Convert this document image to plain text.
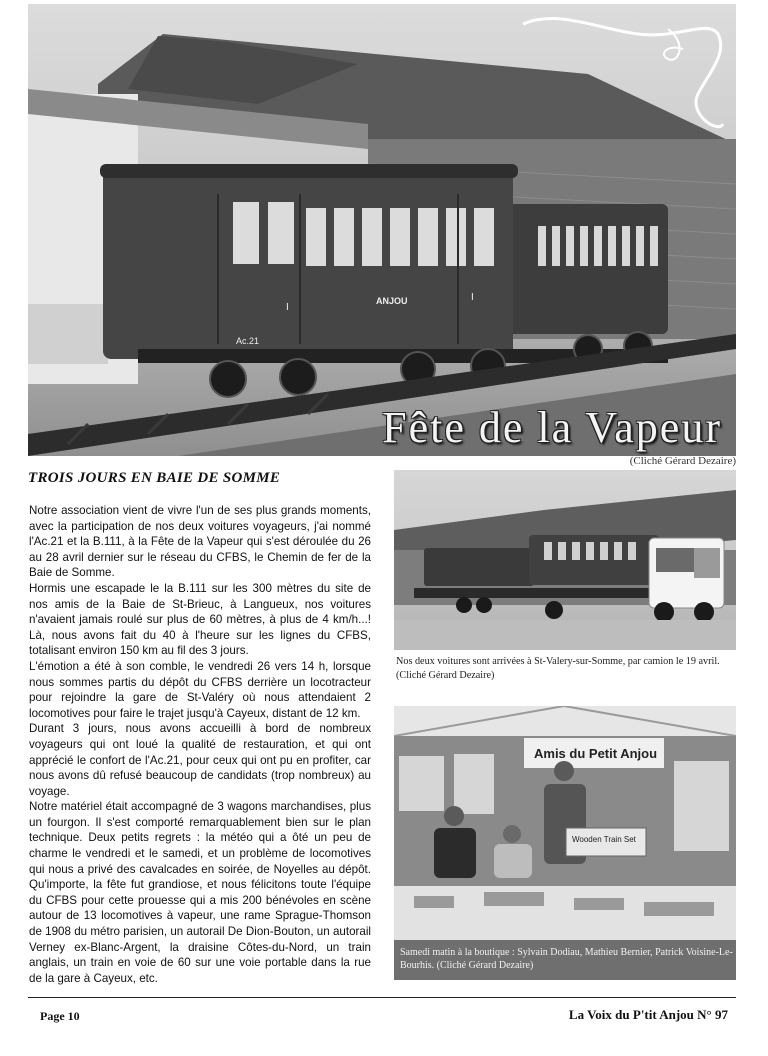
I
ANJOU	I
Ac.21
Fête de la Vapeur
(Cliché Gérard Dezaire)
TROIS JOURS EN BAIE DE SOMME

Notre association vient de vivre l'un de ses plus grands moments, avec la participation de nos deux voitures voyageurs, j'ai nommé l'Ac.21 et la B.111, à la Fête de la Vapeur qui s'est déroulée du 26 au 28 avril dernier sur le réseau du CFBS, le Chemin de fer de la Baie de Somme.

Hormis une escapade le la B.111 sur les 300 mètres du site de nos amis de la Baie de St-Brieuc, à Langueux, nos voitures n'avaient jamais roulé sur plus de 60 mètres, à plus de 4 km/h...! Là, nous avons fait du 40 à l'heure sur les lignes du CFBS, totalisant environ 150 km au fil des 3 jours.

L'émotion a été à son comble, le vendredi 26 vers 14 h, lorsque nous sommes partis du dépôt du CFBS derrière un locotracteur pour rejoindre la gare de St-Valéry où nous attendaient 2 locomotives pour faire le trajet jusqu'à Cayeux, distant de 12 km.

Durant 3 jours, nous avons accueilli à bord de nombreux voyageurs qui ont loué la qualité de restauration, et qui ont apprécié le confort de l'Ac.21, pour ceux qui ont pu en profiter, car nous avons dû refusé beaucoup de candidats (trop nombreux) au voyage.

Notre matériel était accompagné de 3 wagons marchandises, plus un fourgon. Il s'est comporté remarquablement bien sur le plan technique. Deux petits regrets : la météo qui a ôté un peu de charme le vendredi et le samedi, et un problème de locomotives qui nous a privé des cavalcades en soirée, de Noyelles au dépôt. Qu'importe, la fête fut grandiose, et nous félicitons toute l'équipe du CFBS pour cette prouesse qui a mis 200 bénévoles en scène autour de 13 locomotives à vapeur, une rame Sprague-Thomson de 1908 du métro parisien, un autorail De Dion-Bouton, un autorail Verney ex-Blanc-Argent, la draisine Côtes-du-Nord, un train anglais, un train en voie de 60 sur une voie portable dans la rue de la gare à Cayeux, etc.

Nos deux voitures sont arrivées à St-Valery-sur-Somme, par camion le 19 avril. (Cliché Gérard Dezaire)
Amis du Petit Anjou
Wooden Train Set
Samedi matin à la boutique : Sylvain Dodiau, Mathieu Bernier, Patrick Voisine-Le-Bourhis. (Cliché Gérard Dezaire)
Page 10	La Voix du P'tit Anjou N° 97
